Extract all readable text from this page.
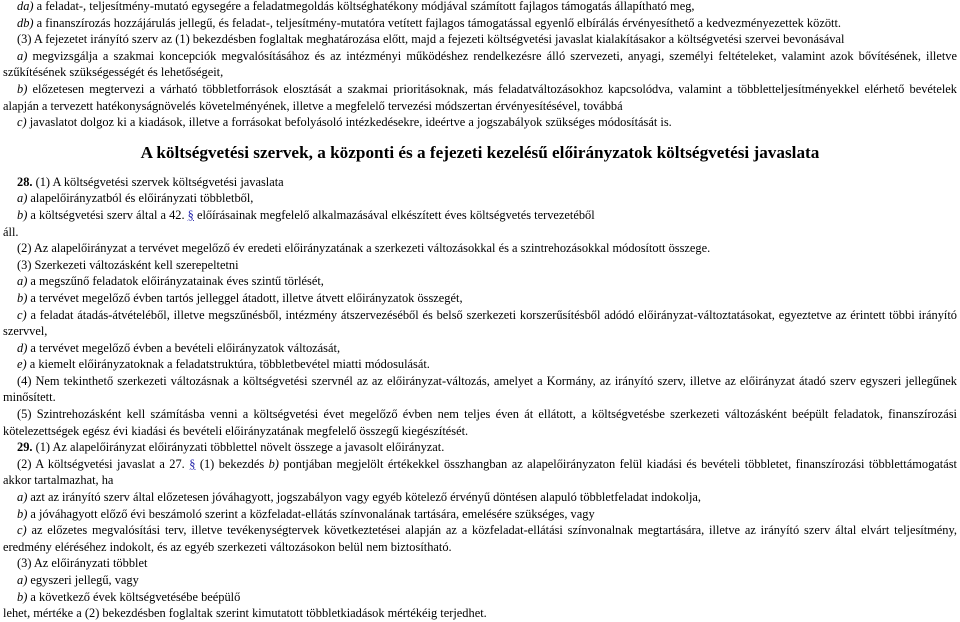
da) a feladat-, teljesítmény-mutató egysegére a feladatmegoldás költséghatékony módjával számított fajlagos támogatás állapítható meg,

db) a finanszírozás hozzájárulás jellegű, és feladat-, teljesítmény-mutatóra vetített fajlagos támogatással egyenlő elbírálás érvényesíthető a kedvezményezettek között.

(3) A fejezetet irányító szerv az (1) bekezdésben foglaltak meghatározása előtt, majd a fejezeti költségvetési javaslat kialakításakor a költségvetési szervei bevonásával

a) megvizsgálja a szakmai koncepciók megvalósításához és az intézményi működéshez rendelkezésre álló szervezeti, anyagi, személyi feltételeket, valamint azok bővítésének, illetve szűkítésének szükségességét és lehetőségeit,

b) előzetesen megtervezi a várható többletforrások elosztását a szakmai prioritásoknak, más feladatváltozásokhoz kapcsolódva, valamint a többletteljesítményekkel elérhető bevételek alapján a tervezett hatékonyságnövelés követelményének, illetve a megfelelő tervezési módszertan érvényesítésével, továbbá

c) javaslatot dolgoz ki a kiadások, illetve a forrásokat befolyásoló intézkedésekre, ideértve a jogszabályok szükséges módosítását is.

A költségvetési szervek, a központi és a fejezeti kezelésű előirányzatok költségvetési javaslata

28. (1) A költségvetési szervek költségvetési javaslata

a) alapelőirányzatból és előirányzati többletből,

b) a költségvetési szerv által a 42. § előírásainak megfelelő alkalmazásával elkészített éves költségvetés tervezetéből

áll.

(2) Az alapelőirányzat a tervévet megelőző év eredeti előirányzatának a szerkezeti változásokkal és a szintrehozásokkal módosított összege.

(3) Szerkezeti változásként kell szerepeltetni

a) a megszűnő feladatok előirányzatainak éves szintű törlését,

b) a tervévet megelőző évben tartós jelleggel átadott, illetve átvett előirányzatok összegét,

c) a feladat átadás-átvételéből, illetve megszűnésből, intézmény átszervezéséből és belső szerkezeti korszerűsítésből adódó előirányzat-változtatásokat, egyeztetve az érintett többi irányító szervvel,

d) a tervévet megelőző évben a bevételi előirányzatok változását,

e) a kiemelt előirányzatoknak a feladatstruktúra, többletbevétel miatti módosulását.

(4) Nem tekinthető szerkezeti változásnak a költségvetési szervnél az az előirányzat-változás, amelyet a Kormány, az irányító szerv, illetve az előirányzat átadó szerv egyszeri jellegűnek minősített.

(5) Szintrehozásként kell számításba venni a költségvetési évet megelőző évben nem teljes éven át ellátott, a költségvetésbe szerkezeti változásként beépült feladatok, finanszírozási kötelezettségek egész évi kiadási és bevételi előirányzatának megfelelő összegű kiegészítését.

29. (1) Az alapelőirányzat előirányzati többlettel növelt összege a javasolt előirányzat.

(2) A költségvetési javaslat a 27. § (1) bekezdés b) pontjában megjelölt értékekkel összhangban az alapelőirányzaton felül kiadási és bevételi többletet, finanszírozási többlettámogatást akkor tartalmazhat, ha

a) azt az irányító szerv által előzetesen jóváhagyott, jogszabályon vagy egyéb kötelező érvényű döntésen alapuló többletfeladat indokolja,

b) a jóváhagyott előző évi beszámoló szerint a közfeladat-ellátás színvonalának tartására, emelésére szükséges, vagy

c) az előzetes megvalósítási terv, illetve tevékenységtervek következtetései alapján az a közfeladat-ellátási színvonalnak megtartására, illetve az irányító szerv által elvárt teljesítmény, eredmény eléréséhez indokolt, és az egyéb szerkezeti változásokon belül nem biztosítható.

(3) Az előirányzati többlet

a) egyszeri jellegű, vagy

b) a következő évek költségvetésébe beépülő

lehet, mértéke a (2) bekezdésben foglaltak szerint kimutatott többletkiadások mértékéig terjedhet.
